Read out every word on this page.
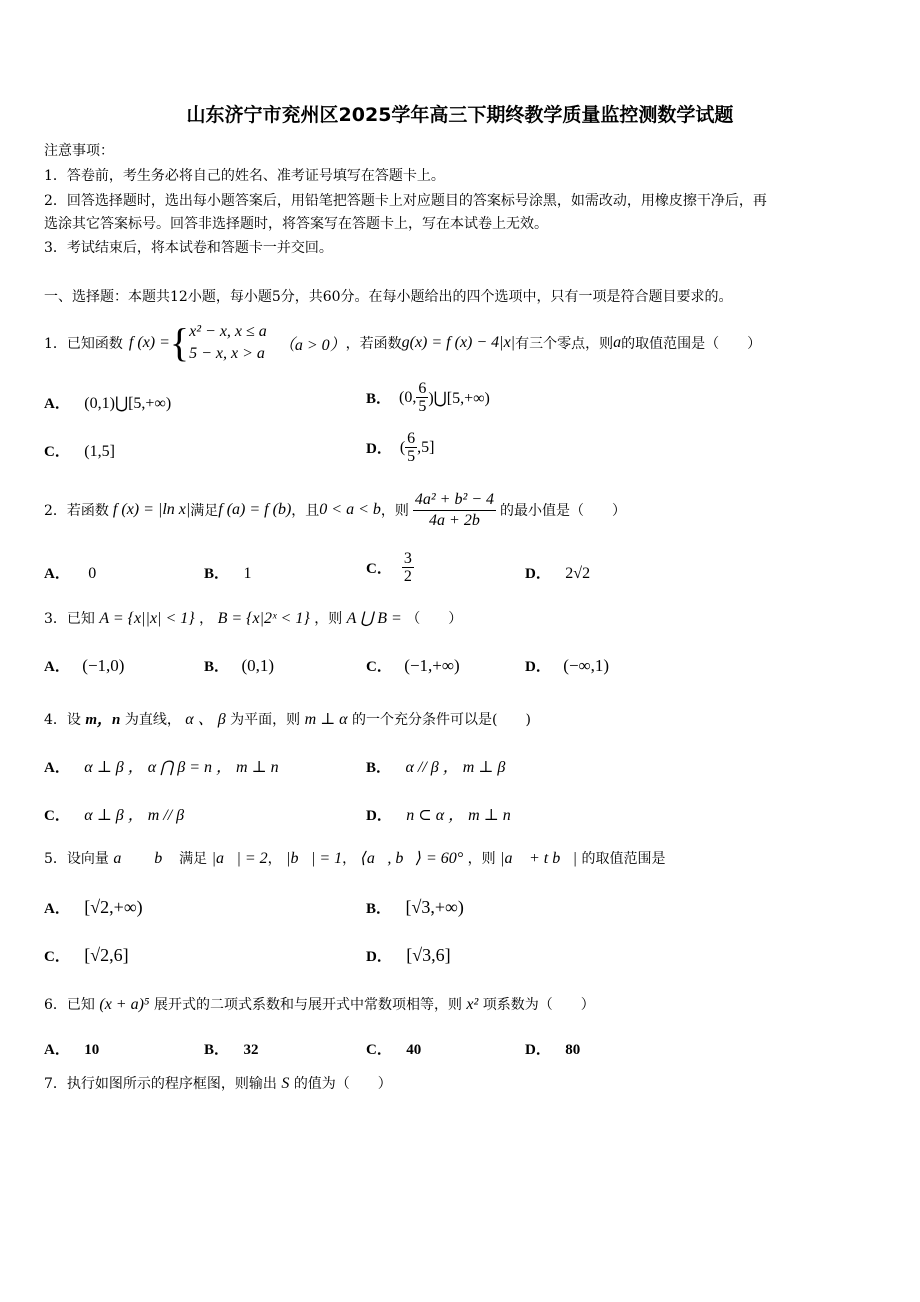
山东济宁市兖州区2025学年高三下期终教学质量监控测数学试题
注意事项：
1．答卷前，考生务必将自己的姓名、准考证号填写在答题卡上。
2．回答选择题时，选出每小题答案后，用铅笔把答题卡上对应题目的答案标号涂黑，如需改动，用橡皮擦干净后，再
选涂其它答案标号。回答非选择题时，将答案写在答题卡上，写在本试卷上无效。
3．考试结束后，将本试卷和答题卡一并交回。
一、选择题：本题共12小题，每小题5分，共60分。在每小题给出的四个选项中，只有一项是符合题目要求的。
1．已知函数 f (x) = { x² − x, x ≤ a
5 − x, x > a （a > 0） ，若函数 g(x) = f (x) − 4|x| 有三个零点，则 a 的取值范围是（　　）
A． (0,1)⋃[5,+∞)	B． (0, $\frac{6}{5}$ )⋃[5,+∞)
C． (1,5]	D． ( $\frac{6}{5} ,5$]
2．若函数 f (x) = |ln x| 满足 f (a) = f (b) ，且 0 < a < b ，则 $\frac{\text{4a² + b² − 4}}{4a + 2b}$ 的最小值是（　　）
A． 0	B． 1	C． $\frac{3}{2}$	D． 2√2
3．已知 A = {x||x| < 1} ， B = {x|2ˣ < 1} ，则 A ⋃ B = （　　）
A． (−1,0)	B． (0,1)	C． (−1,+∞)	D． (−∞,1)
4．设 m，n 为直线， α 、 β 为平面，则 m ⊥ α 的一个充分条件可以是(　　)
A． α ⊥ β ， α ⋂ β = n ， m ⊥ n	B． α // β ， m ⊥ β
C． α ⊥ β ， m // β	D． n ⊂ α ， m ⊥ n
5．设向量 a⃗ ， b⃗ 满足 |a⃗| = 2， |b⃗| = 1， ⟨a⃗, b⃗⟩ = 60° ，则 |a⃗ + t b⃗| 的取值范围是
A． [√2,+∞)	B． [√3,+∞)
C． [√2,6]	D． [√3,6]
6．已知 (x + a)⁵ 展开式的二项式系数和与展开式中常数项相等，则 x² 项系数为（　　）
A． 10	B． 32	C． 40	D． 80
7．执行如图所示的程序框图，则输出 S 的值为（　　）
